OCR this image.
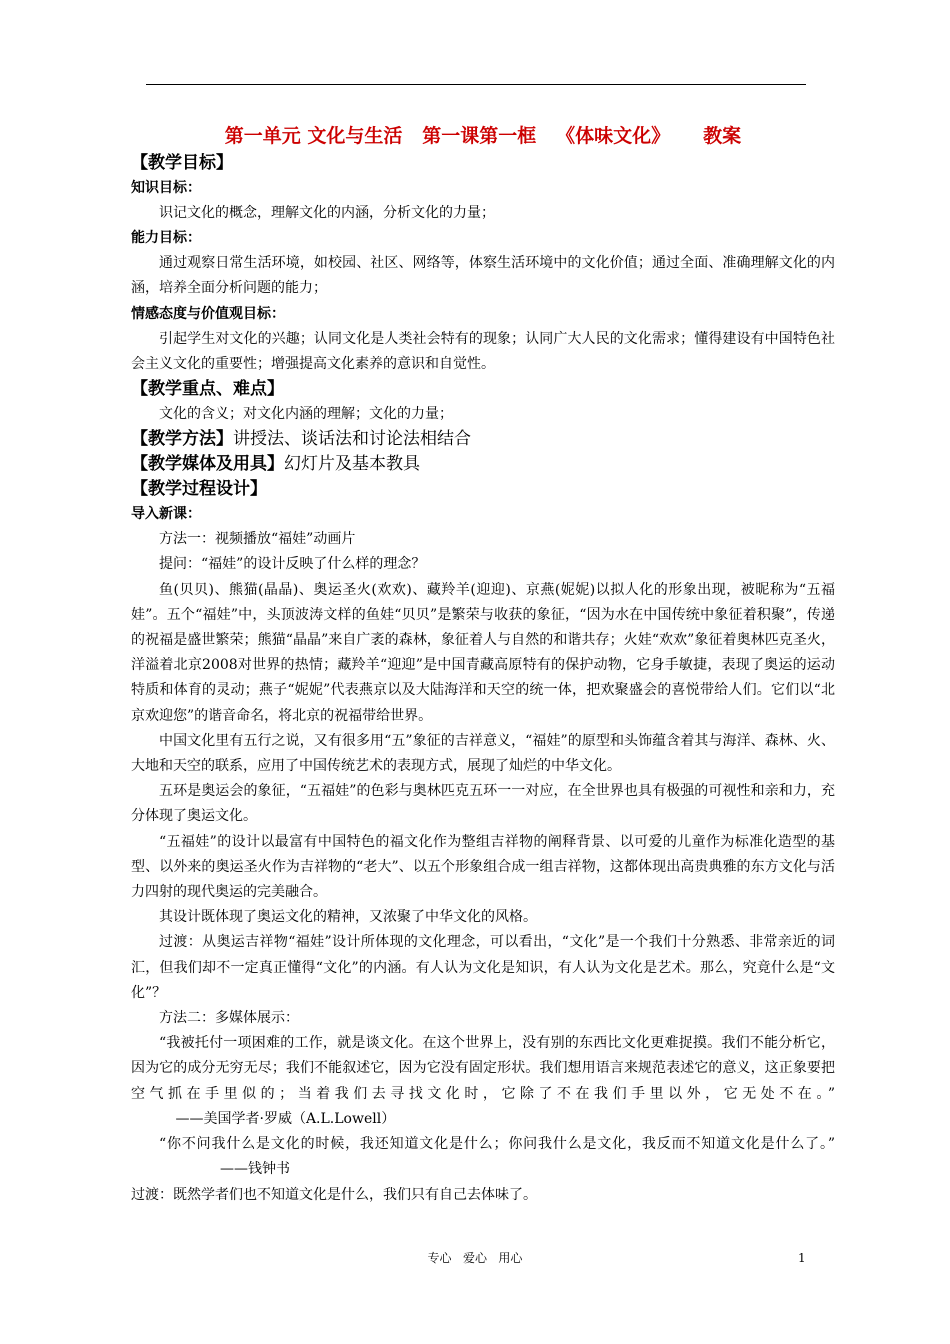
第一单元 文化与生活   第一课第一框   《体味文化》     教案
【教学目标】
知识目标：

识记文化的概念，理解文化的内涵，分析文化的力量；

能力目标：

通过观察日常生活环境，如校园、社区、网络等，体察生活环境中的文化价值；通过全面、准确理解文化的内涵，培养全面分析问题的能力；

情感态度与价值观目标：

引起学生对文化的兴趣；认同文化是人类社会特有的现象；认同广大人民的文化需求；懂得建设有中国特色社会主义文化的重要性；增强提高文化素养的意识和自觉性。

【教学重点、难点】

文化的含义；对文化内涵的理解；文化的力量；

【教学方法】讲授法、谈话法和讨论法相结合
【教学媒体及用具】幻灯片及基本教具
【教学过程设计】
导入新课：

方法一：视频播放“福娃”动画片

提问：“福娃”的设计反映了什么样的理念？

鱼(贝贝)、熊猫(晶晶)、奥运圣火(欢欢)、藏羚羊(迎迎)、京燕(妮妮)以拟人化的形象出现，被昵称为“五福娃”。五个“福娃”中，头顶波涛文样的鱼娃“贝贝”是繁荣与收获的象征，“因为水在中国传统中象征着积聚”，传递的祝福是盛世繁荣；熊猫“晶晶”来自广袤的森林，象征着人与自然的和谐共存；火娃“欢欢”象征着奥林匹克圣火，洋溢着北京2008对世界的热情；藏羚羊“迎迎”是中国青藏高原特有的保护动物，它身手敏捷，表现了奥运的运动特质和体育的灵动；燕子“妮妮”代表燕京以及大陆海洋和天空的统一体，把欢聚盛会的喜悦带给人们。它们以“北京欢迎您”的谐音命名，将北京的祝福带给世界。

中国文化里有五行之说，又有很多用“五”象征的吉祥意义，“福娃”的原型和头饰蕴含着其与海洋、森林、火、大地和天空的联系，应用了中国传统艺术的表现方式，展现了灿烂的中华文化。

五环是奥运会的象征，“五福娃”的色彩与奥林匹克五环一一对应，在全世界也具有极强的可视性和亲和力，充分体现了奥运文化。

“五福娃”的设计以最富有中国特色的福文化作为整组吉祥物的阐释背景、以可爱的儿童作为标准化造型的基型、以外来的奥运圣火作为吉祥物的“老大”、以五个形象组合成一组吉祥物，这都体现出高贵典雅的东方文化与活力四射的现代奥运的完美融合。

其设计既体现了奥运文化的精神，又浓聚了中华文化的风格。

过渡：从奥运吉祥物“福娃”设计所体现的文化理念，可以看出，“文化”是一个我们十分熟悉、非常亲近的词汇，但我们却不一定真正懂得“文化”的内涵。有人认为文化是知识，有人认为文化是艺术。那么，究竟什么是“文化”？

方法二：多媒体展示：

“我被托付一项困难的工作，就是谈文化。在这个世界上，没有别的东西比文化更难捉摸。我们不能分析它，因为它的成分无穷无尽；我们不能叙述它，因为它没有固定形状。我们想用语言来规范表述它的意义，这正象要把空气抓在手里似的；当着我们去寻找文化时，它除了不在我们手里以外，它无处不在。”          ——美国学者·罗威（A.L.Lowell）

“你不问我什么是文化的时候，我还知道文化是什么；你问我什么是文化，我反而不知道文化是什么了。”                    ——钱钟书

过渡：既然学者们也不知道文化是什么，我们只有自己去体味了。

专心   爱心   用心	1
